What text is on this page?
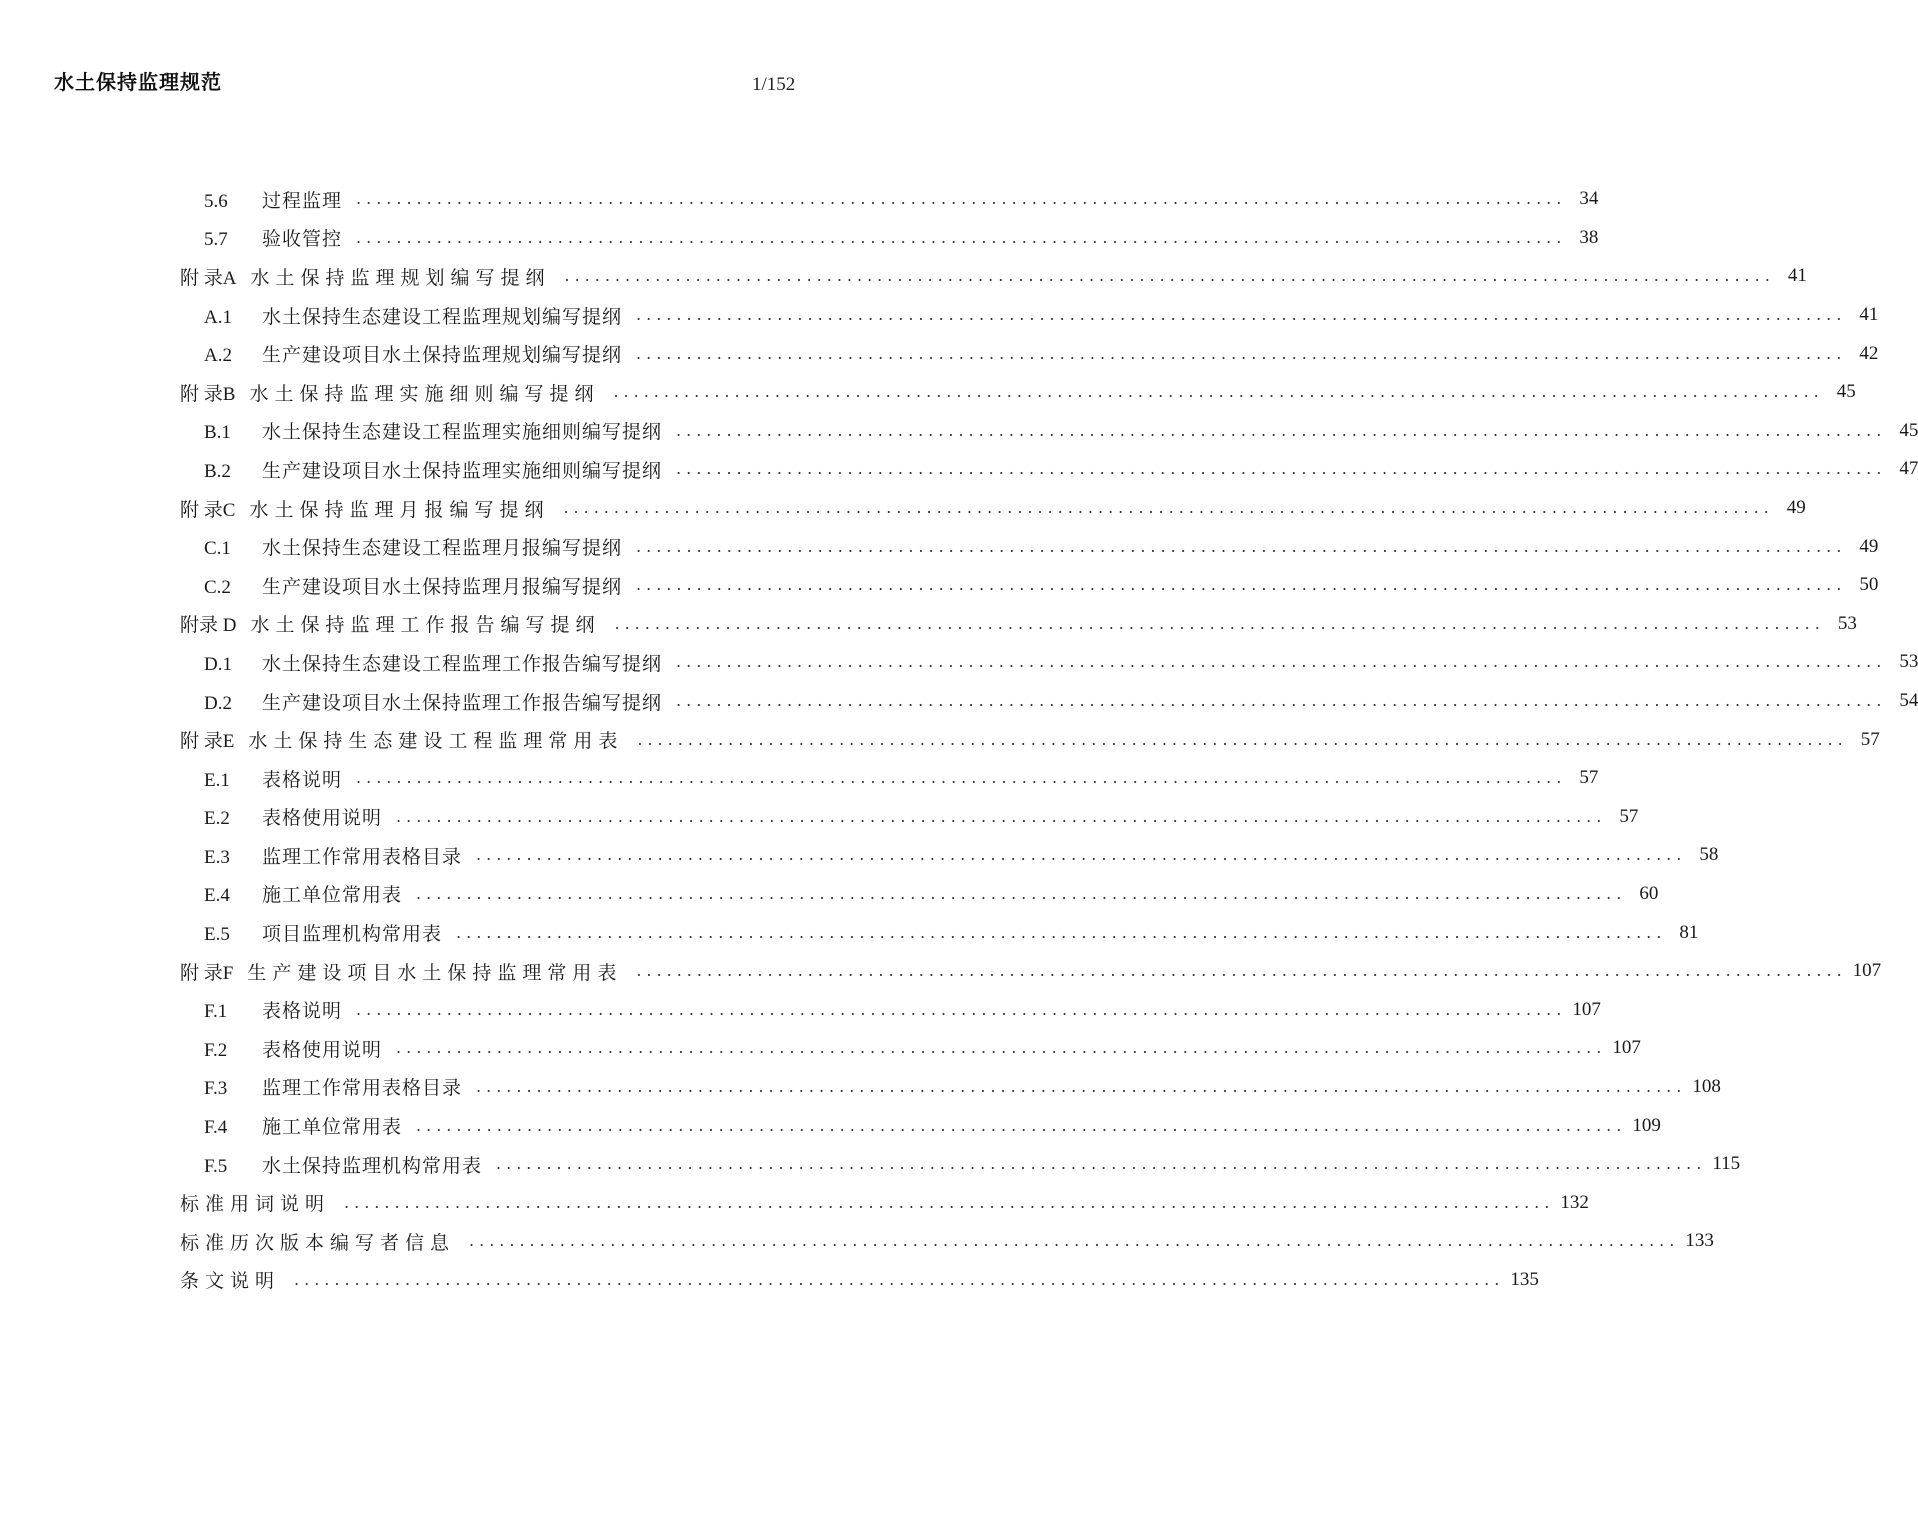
水土保持监理规范	1/152
5.6 过程监理 ........................................................................................................................ 34
5.7 验收管控 ........................................................................................................................ 38
附 录A 水土保持监理规划编写提纲 ........................................................................................................................ 41
A.1 水土保持生态建设工程监理规划编写提纲 ........................................................................................................................ 41
A.2 生产建设项目水土保持监理规划编写提纲 ........................................................................................................................ 42
附 录B 水土保持监理实施细则编写提纲 ........................................................................................................................ 45
B.1 水土保持生态建设工程监理实施细则编写提纲 ........................................................................................................................ 45
B.2 生产建设项目水土保持监理实施细则编写提纲 ........................................................................................................................ 47
附 录C 水土保持监理月报编写提纲 ........................................................................................................................ 49
C.1 水土保持生态建设工程监理月报编写提纲 ........................................................................................................................ 49
C.2 生产建设项目水土保持监理月报编写提纲 ........................................................................................................................ 50
附录 D 水土保持监理工作报告编写提纲 ........................................................................................................................ 53
D.1 水土保持生态建设工程监理工作报告编写提纲 ........................................................................................................................ 53
D.2 生产建设项目水土保持监理工作报告编写提纲 ........................................................................................................................ 54
附 录E 水土保持生态建设工程监理常用表 ........................................................................................................................ 57
E.1 表格说明 ........................................................................................................................ 57
E.2 表格使用说明 ........................................................................................................................ 57
E.3 监理工作常用表格目录 ........................................................................................................................ 58
E.4 施工单位常用表 ........................................................................................................................ 60
E.5 项目监理机构常用表 ........................................................................................................................ 81
附 录F 生产建设项目水土保持监理常用表 ........................................................................................................................ 107
F.1 表格说明 ........................................................................................................................ 107
F.2 表格使用说明 ........................................................................................................................ 107
F.3 监理工作常用表格目录 ........................................................................................................................ 108
F.4 施工单位常用表 ........................................................................................................................ 109
F.5 水土保持监理机构常用表 ........................................................................................................................ 115
标准用词说明 ........................................................................................................................ 132
标准历次版本编写者信息 ........................................................................................................................ 133
条文说明 ........................................................................................................................ 135
